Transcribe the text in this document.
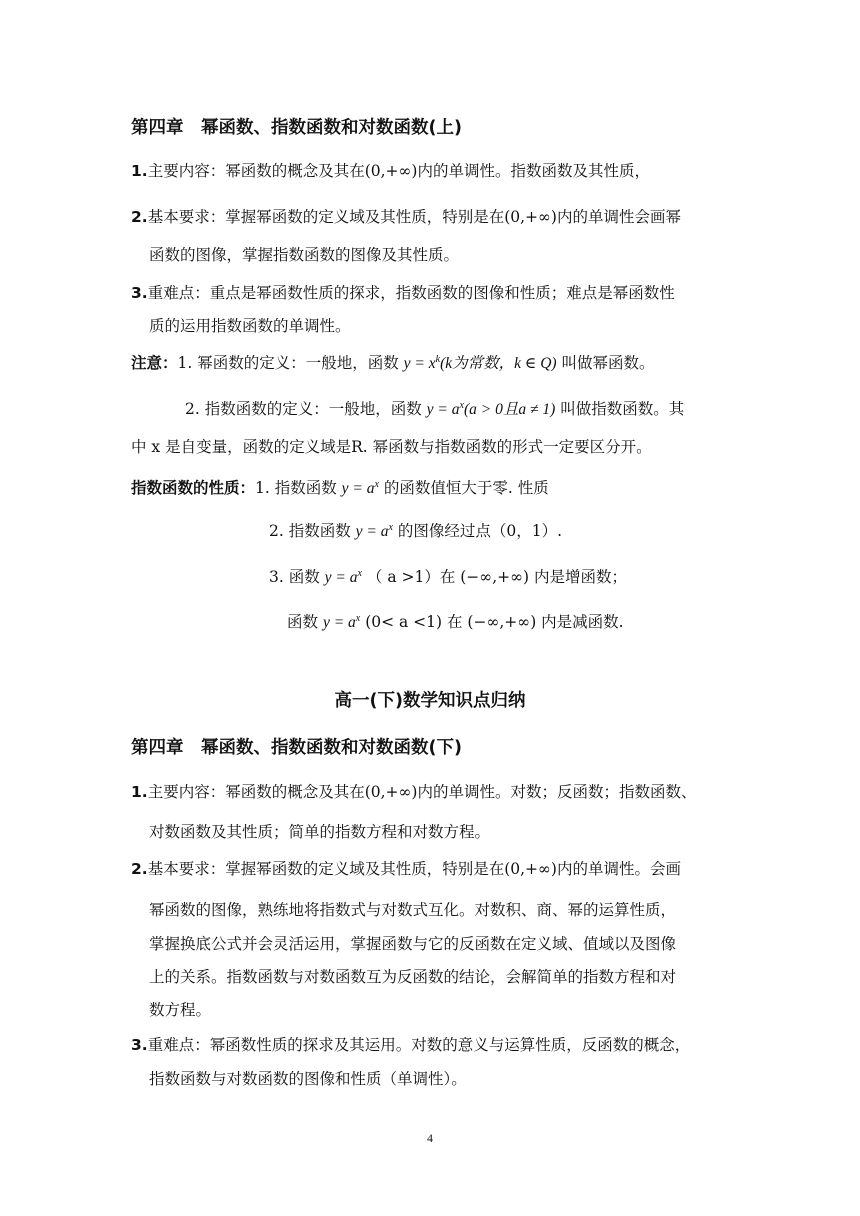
第四章　幂函数、指数函数和对数函数(上)
1.主要内容：幂函数的概念及其在(0,+∞)内的单调性。指数函数及其性质，
2.基本要求：掌握幂函数的定义域及其性质，特别是在(0,+∞)内的单调性会画幂
函数的图像，掌握指数函数的图像及其性质。
3.重难点：重点是幂函数性质的探求，指数函数的图像和性质；难点是幂函数性
质的运用指数函数的单调性。
注意：1. 幂函数的定义：一般地，函数 $y = x^k(k$为常数，k ∈ Q) 叫做幂函数。
2. 指数函数的定义：一般地，函数 $y = a^x(a > 0$且a ≠ 1) 叫做指数函数。其
中 x 是自变量，函数的定义域是R. 幂函数与指数函数的形式一定要区分开。
指数函数的性质：1. 指数函数 $y = a^x$ 的函数值恒大于零. 性质
2. 指数函数 $y = a^x$ 的图像经过点（0，1）.
3. 函数 $y = a^x$ （ a >1）在 (−∞,+∞) 内是增函数；
函数 $y = a^x$ (0< a <1) 在 (−∞,+∞) 内是减函数.
高一(下)数学知识点归纳
第四章　幂函数、指数函数和对数函数(下)
1.主要内容：幂函数的概念及其在(0,+∞)内的单调性。对数；反函数；指数函数、
对数函数及其性质；简单的指数方程和对数方程。
2.基本要求：掌握幂函数的定义域及其性质，特别是在(0,+∞)内的单调性。会画
幂函数的图像，熟练地将指数式与对数式互化。对数积、商、幂的运算性质，
掌握换底公式并会灵活运用，掌握函数与它的反函数在定义域、值域以及图像
上的关系。指数函数与对数函数互为反函数的结论，会解简单的指数方程和对
数方程。
3.重难点：幂函数性质的探求及其运用。对数的意义与运算性质，反函数的概念，
指数函数与对数函数的图像和性质（单调性）。
4
